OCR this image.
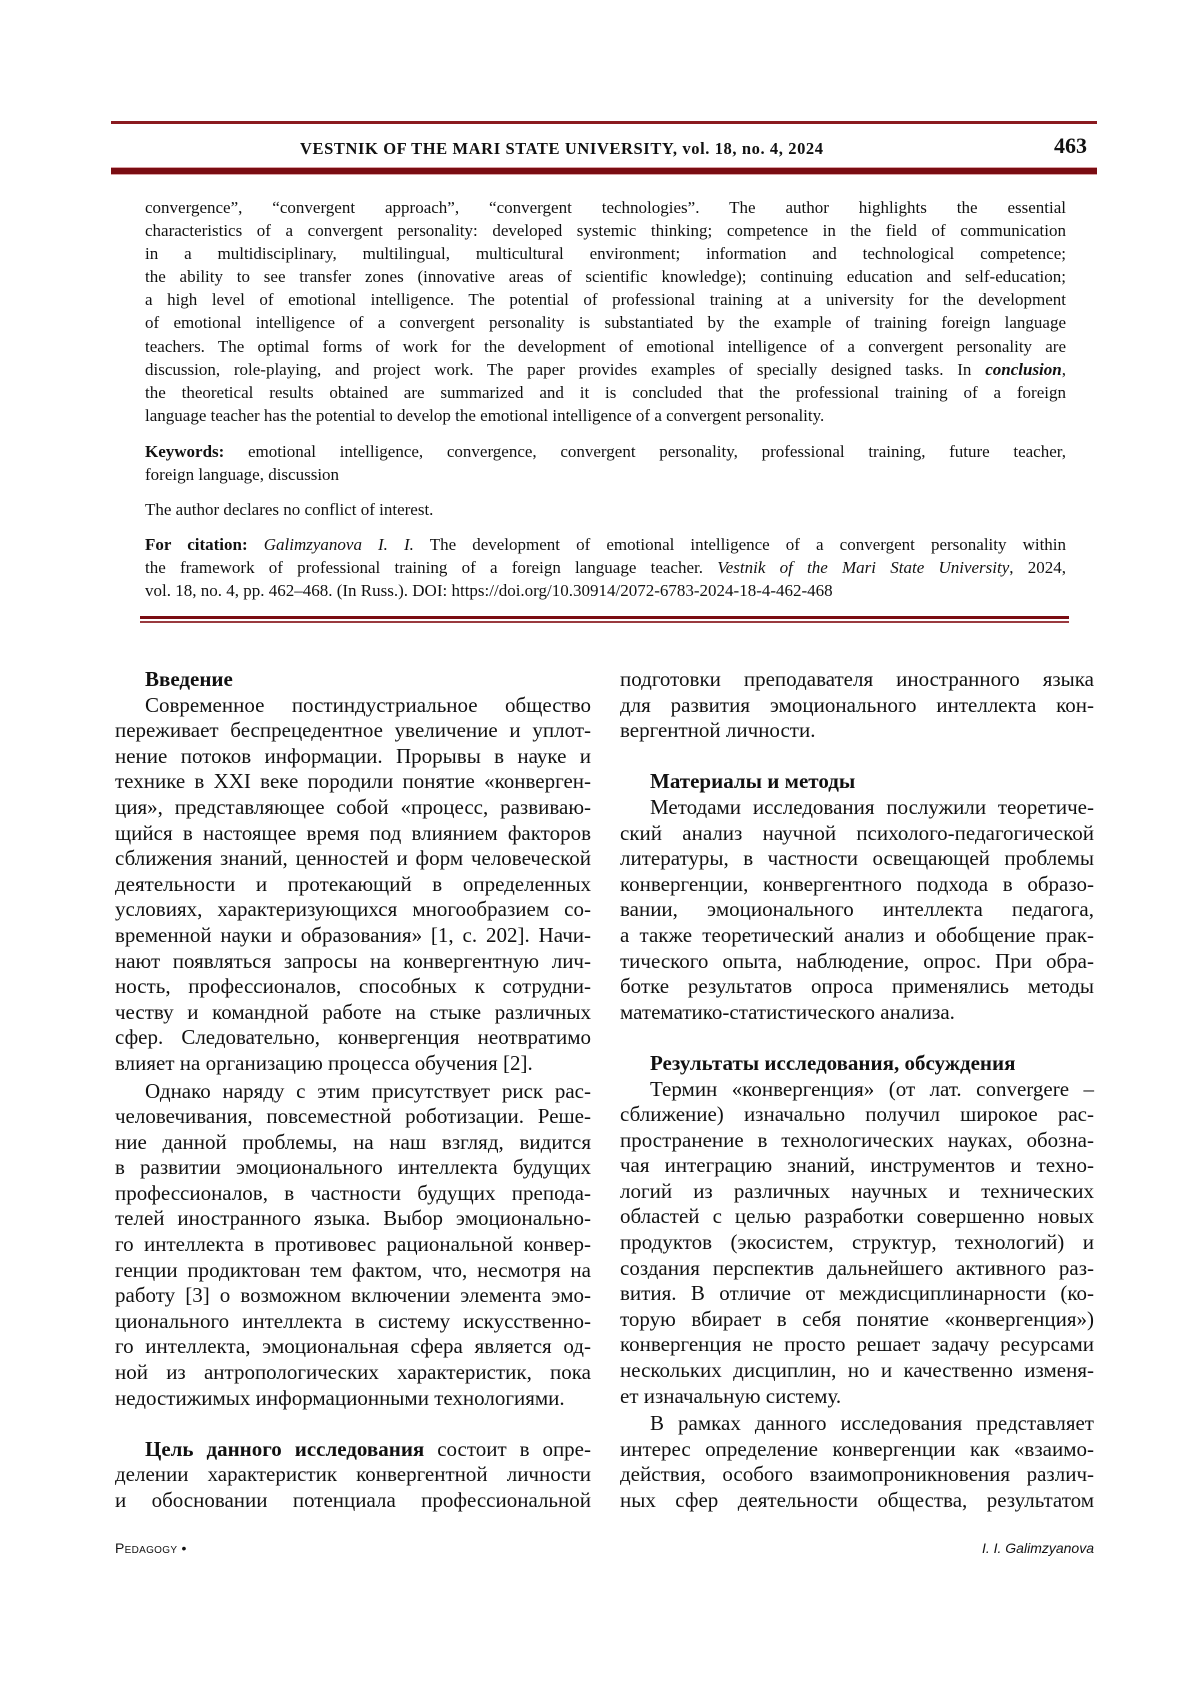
VESTNIK OF THE MARI STATE UNIVERSITY, vol. 18, no. 4, 2024	463
convergence”, “convergent approach”, “convergent technologies”. The author highlights the essential
characteristics of a convergent personality: developed systemic thinking; competence in the field of communication
in a multidisciplinary, multilingual, multicultural environment; information and technological competence;
the ability to see transfer zones (innovative areas of scientific knowledge); continuing education and self-education;
a high level of emotional intelligence. The potential of professional training at a university for the development
of emotional intelligence of a convergent personality is substantiated by the example of training foreign language
teachers. The optimal forms of work for the development of emotional intelligence of a convergent personality are
discussion, role-playing, and project work. The paper provides examples of specially designed tasks. In conclusion,
the theoretical results obtained are summarized and it is concluded that the professional training of a foreign
language teacher has the potential to develop the emotional intelligence of a convergent personality.
Keywords: emotional intelligence, convergence, convergent personality, professional training, future teacher,
foreign language, discussion
The author declares no conflict of interest.
For citation: Galimzyanova I. I. The development of emotional intelligence of a convergent personality within
the framework of professional training of a foreign language teacher. Vestnik of the Mari State University, 2024,
vol. 18, no. 4, pp. 462–468. (In Russ.). DOI: https://doi.org/10.30914/2072-6783-2024-18-4-462-468
Введение
Современное постиндустриальное общество
переживает беспрецедентное увеличение и уплот-
нение потоков информации. Прорывы в науке и
технике в XXI веке породили понятие «конверген-
ция», представляющее собой «процесс, развиваю-
щийся в настоящее время под влиянием факторов
сближения знаний, ценностей и форм человеческой
деятельности и протекающий в определенных
условиях, характеризующихся многообразием со-
временной науки и образования» [1, с. 202]. Начи-
нают появляться запросы на конвергентную лич-
ность, профессионалов, способных к сотрудни-
честву и командной работе на стыке различных
сфер. Следовательно, конвергенция неотвратимо
влияет на организацию процесса обучения [2].
Однако наряду с этим присутствует риск рас-
человечивания, повсеместной роботизации. Реше-
ние данной проблемы, на наш взгляд, видится
в развитии эмоционального интеллекта будущих
профессионалов, в частности будущих препода-
телей иностранного языка. Выбор эмоционально-
го интеллекта в противовес рациональной конвер-
генции продиктован тем фактом, что, несмотря на
работу [3] о возможном включении элемента эмо-
ционального интеллекта в систему искусственно-
го интеллекта, эмоциональная сфера является од-
ной из антропологических характеристик, пока
недостижимых информационными технологиями.
Цель данного исследования состоит в опре-
делении характеристик конвергентной личности
и обосновании потенциала профессиональной
подготовки преподавателя иностранного языка
для развития эмоционального интеллекта кон-
вергентной личности.
Материалы и методы
Методами исследования послужили теоретиче-
ский анализ научной психолого-педагогической
литературы, в частности освещающей проблемы
конвергенции, конвергентного подхода в образо-
вании, эмоционального интеллекта педагога,
а также теоретический анализ и обобщение прак-
тического опыта, наблюдение, опрос. При обра-
ботке результатов опроса применялись методы
математико-статистического анализа.
Результаты исследования, обсуждения
Термин «конвергенция» (от лат. convergere –
сближение) изначально получил широкое рас-
пространение в технологических науках, обозна-
чая интеграцию знаний, инструментов и техно-
логий из различных научных и технических
областей с целью разработки совершенно новых
продуктов (экосистем, структур, технологий) и
создания перспектив дальнейшего активного раз-
вития. В отличие от междисциплинарности (ко-
торую вбирает в себя понятие «конвергенция»)
конвергенция не просто решает задачу ресурсами
нескольких дисциплин, но и качественно изменя-
ет изначальную систему.
В рамках данного исследования представляет
интерес определение конвергенции как «взаимо-
действия, особого взаимопроникновения различ-
ных сфер деятельности общества, результатом
Pedagogy •	I. I. Galimzyanova
